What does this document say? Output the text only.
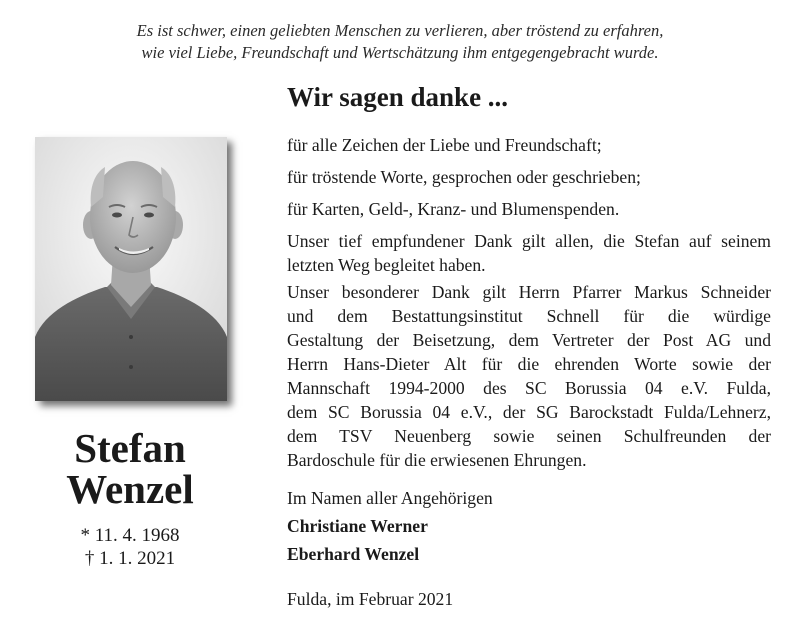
Es ist schwer, einen geliebten Menschen zu verlieren, aber tröstend zu erfahren,
wie viel Liebe, Freundschaft und Wertschätzung ihm entgegengebracht wurde.
Wir sagen danke ...
Stefan
Wenzel
* 11. 4. 1968
† 1. 1. 2021
für alle Zeichen der Liebe und Freundschaft;
für tröstende Worte, gesprochen oder geschrieben;
für Karten, Geld-, Kranz- und Blumenspenden.
Unser tief empfundener Dank gilt allen, die Stefan auf seinem
letzten Weg begleitet haben.
Unser besonderer Dank gilt Herrn Pfarrer Markus Schneider
und dem Bestattungsinstitut Schnell für die würdige
Gestaltung der Beisetzung, dem Vertreter der Post AG und
Herrn Hans-Dieter Alt für die ehrenden Worte sowie der
Mannschaft 1994-2000 des SC Borussia 04 e.V. Fulda,
dem SC Borussia 04 e.V., der SG Barockstadt Fulda/Lehnerz,
dem TSV Neuenberg sowie seinen Schulfreunden der
Bardoschule für die erwiesenen Ehrungen.
Im Namen aller Angehörigen
Christiane Werner
Eberhard Wenzel
Fulda, im Februar 2021
